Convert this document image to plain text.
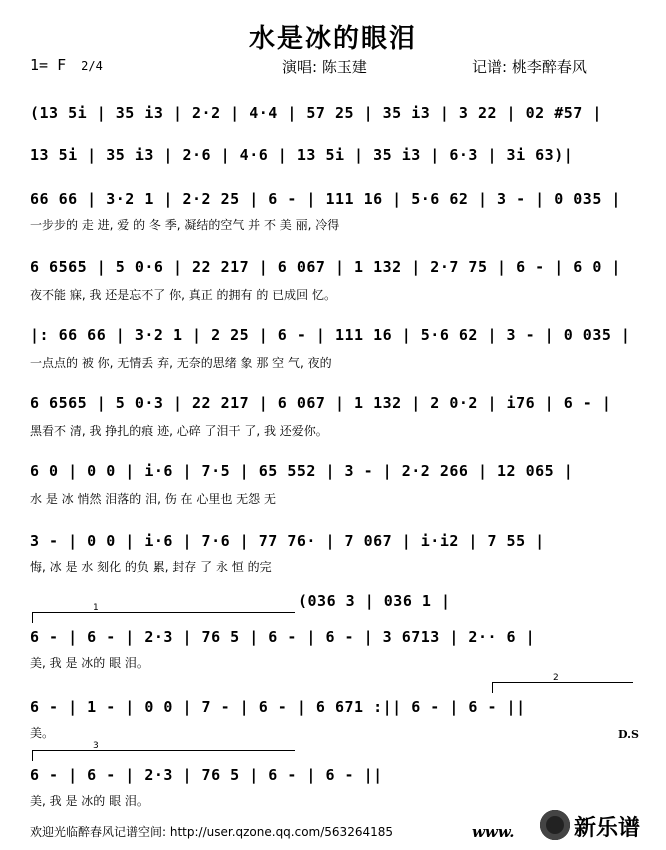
水是冰的眼泪
1= F 2/4	演唱: 陈玉建	记谱: 桃李醉春风
(13 5i | 35 i3 | 2·2 | 4·4 | 57 25 | 35 i3 | 3 22 | 02 #57 |
13 5i | 35 i3 | 2·6 | 4·6 | 13 5i | 35 i3 | 6·3 | 3i 63)|
66 66 | 3·2 1 | 2·2 25 | 6 - | 111 16 | 5·6 62 | 3 - | 0 035 |
一步步的 走 进, 爱 的 冬 季, 凝结的空气 并 不 美 丽, 冷得
6 6565 | 5 0·6 | 22 217 | 6 067 | 1 132 | 2·7 75 | 6 - | 6 0 |
夜不能 寐, 我 还是忘不了 你, 真正 的拥有 的 已成回 忆。
|: 66 66 | 3·2 1 | 2 25 | 6 - | 111 16 | 5·6 62 | 3 - | 0 035 |
一点点的 被 你, 无情丢 弃, 无奈的思绪 象 那 空 气, 夜的
6 6565 | 5 0·3 | 22 217 | 6 067 | 1 132 | 2 0·2 | i76 | 6 - |
黑看不 清, 我 挣扎的痕 迹, 心碎 了泪干 了, 我 还爱你。
6 0 | 0 0 | i·6 | 7·5 | 65 552 | 3 - | 2·2 266 | 12 065 |
水 是 冰 悄然 泪落的 泪, 伤 在 心里也 无怨 无
3 - | 0 0 | i·6 | 7·6 | 77 76· | 7 067 | i·i2 | 7 55 |
悔, 冰 是 水 刻化 的负 累, 封存 了 永 恒 的完
(036 3 | 036 1 |
1
6 - | 6 - | 2·3 | 76 5 | 6 - | 6 - | 3 6713 | 2·· 6 |
美, 我 是 冰的 眼 泪。
2
6 - | 1 - | 0 0 | 7 - | 6 - | 6 671 :|| 6 - | 6 - ||
美。	D.S
3
6 - | 6 - | 2·3 | 76 5 | 6 - | 6 - ||
美, 我 是 冰的 眼 泪。
欢迎光临醉春风记谱空间: http://user.qzone.qq.com/563264185	www.	新乐谱
